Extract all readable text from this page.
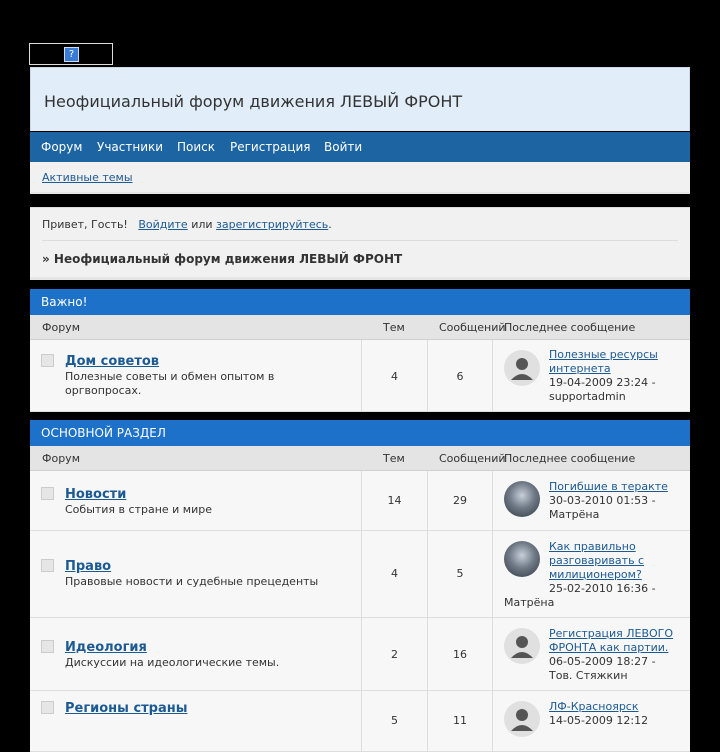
?
Неофициальный форум движения ЛЕВЫЙ ФРОНТ
Форум Участники Поиск Регистрация Войти
Активные темы
Привет, Гость! Войдите или зарегистрируйтесь.
» Неофициальный форум движения ЛЕВЫЙ ФРОНТ
Важно!
Форум	Тем	Сообщений
Последнее сообщение
Дом советов
Полезные советы и обмен опытом в оргвопросах.
4	6
Полезные ресурсы интернета
19-04-2009 23:24 -
supportadmin
ОСНОВНОЙ РАЗДЕЛ
Форум	Тем	Сообщений
Последнее сообщение
Новости
События в стране и мире
14	29
Погибшие в теракте
30-03-2010 01:53 -
Матрёна
Право
Правовые новости и судебные прецеденты
4	5
Как правильно разговаривать с милиционером?
25-02-2010 16:36 -
Матрёна
Идеология
Дискуссии на идеологические темы.
2	16
Регистрация ЛЕВОГО ФРОНТА как партии.
06-05-2009 18:27 -
Тов. Стяжкин
Регионы страны
5	11
ЛФ-Красноярск
14-05-2009 12:12
